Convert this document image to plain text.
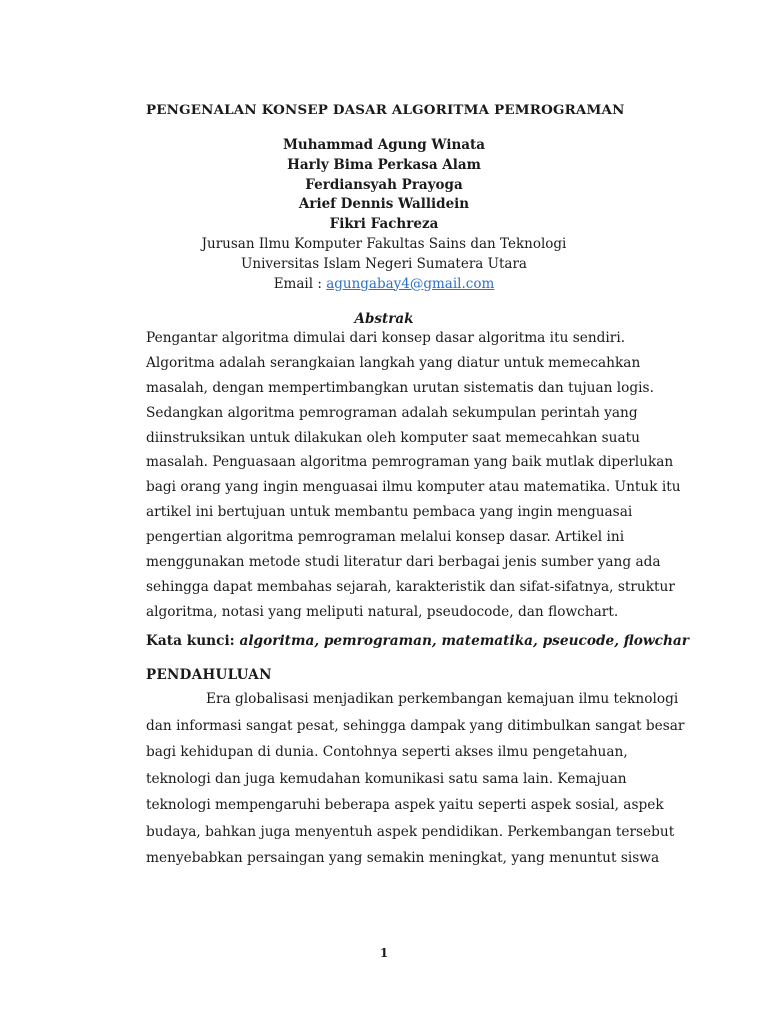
PENGENALAN KONSEP DASAR ALGORITMA PEMROGRAMAN
Muhammad Agung Winata
Harly Bima Perkasa Alam
Ferdiansyah Prayoga
Arief Dennis Wallidein
Fikri Fachreza
Jurusan Ilmu Komputer Fakultas Sains dan Teknologi
Universitas Islam Negeri Sumatera Utara
Email : agungabay4@gmail.com
Abstrak
Pengantar algoritma dimulai dari konsep dasar algoritma itu sendiri.
Algoritma adalah serangkaian langkah yang diatur untuk memecahkan
masalah, dengan mempertimbangkan urutan sistematis dan tujuan logis.
Sedangkan algoritma pemrograman adalah sekumpulan perintah yang
diinstruksikan untuk dilakukan oleh komputer saat memecahkan suatu
masalah. Penguasaan algoritma pemrograman yang baik mutlak diperlukan
bagi orang yang ingin menguasai ilmu komputer atau matematika. Untuk itu
artikel ini bertujuan untuk membantu pembaca yang ingin menguasai
pengertian algoritma pemrograman melalui konsep dasar. Artikel ini
menggunakan metode studi literatur dari berbagai jenis sumber yang ada
sehingga dapat membahas sejarah, karakteristik dan sifat-sifatnya, struktur
algoritma, notasi yang meliputi natural, pseudocode, dan flowchart.
Kata kunci: algoritma, pemrograman, matematika, pseucode, flowchar
PENDAHULUAN
Era globalisasi menjadikan perkembangan kemajuan ilmu teknologi
dan informasi sangat pesat, sehingga dampak yang ditimbulkan sangat besar
bagi kehidupan di dunia. Contohnya seperti akses ilmu pengetahuan,
teknologi dan juga kemudahan komunikasi satu sama lain. Kemajuan
teknologi mempengaruhi beberapa aspek yaitu seperti aspek sosial, aspek
budaya, bahkan juga menyentuh aspek pendidikan. Perkembangan tersebut
menyebabkan persaingan yang semakin meningkat, yang menuntut siswa
1
